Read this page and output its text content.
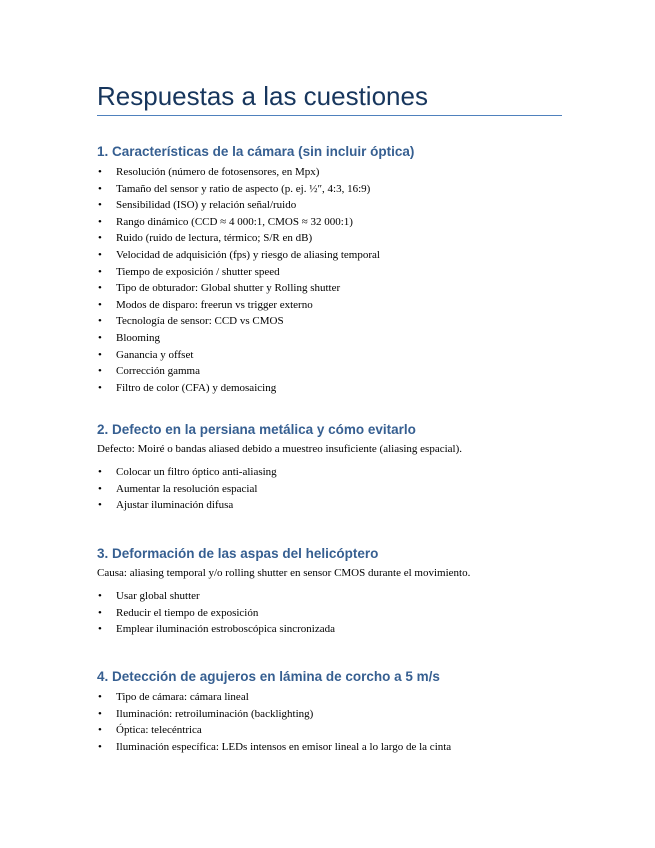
Respuestas a las cuestiones
1. Características de la cámara (sin incluir óptica)
• Resolución (número de fotosensores, en Mpx)
• Tamaño del sensor y ratio de aspecto (p. ej. ½″, 4:3, 16:9)
• Sensibilidad (ISO) y relación señal/ruido
• Rango dinámico (CCD ≈ 4 000:1, CMOS ≈ 32 000:1)
• Ruido (ruido de lectura, térmico; S/R en dB)
• Velocidad de adquisición (fps) y riesgo de aliasing temporal
• Tiempo de exposición / shutter speed
• Tipo de obturador: Global shutter y Rolling shutter
• Modos de disparo: freerun vs trigger externo
• Tecnología de sensor: CCD vs CMOS
• Blooming
• Ganancia y offset
• Corrección gamma
• Filtro de color (CFA) y demosaicing
2. Defecto en la persiana metálica y cómo evitarlo

Defecto: Moiré o bandas aliased debido a muestreo insuficiente (aliasing espacial).

• Colocar un filtro óptico anti-aliasing
• Aumentar la resolución espacial
• Ajustar iluminación difusa
3. Deformación de las aspas del helicóptero

Causa: aliasing temporal y/o rolling shutter en sensor CMOS durante el movimiento.

• Usar global shutter
• Reducir el tiempo de exposición
• Emplear iluminación estroboscópica sincronizada
4. Detección de agujeros en lámina de corcho a 5 m/s
• Tipo de cámara: cámara lineal
• Iluminación: retroiluminación (backlighting)
• Óptica: telecéntrica
• Iluminación específica: LEDs intensos en emisor lineal a lo largo de la cinta
